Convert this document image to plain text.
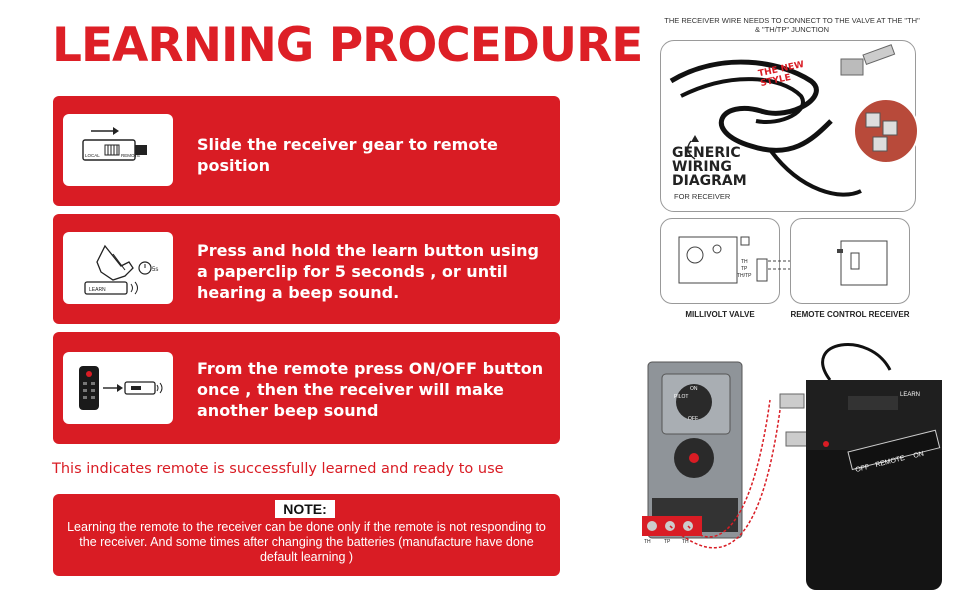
LEARNING PROCEDURE
LOCAL	REMOTE
Slide the receiver gear to remote position
LEARN
5s
Press and hold the learn button using a paperclip for 5 seconds , or until hearing a beep sound.
From the remote press ON/OFF button once , then the receiver will make another beep sound
This indicates remote is successfully learned and ready to use
NOTE:
Learning the remote to the receiver can be done only if the remote is not responding to the receiver. And some times after changing the batteries (manufacture have done default learning )
THE RECEIVER WIRE NEEDS TO CONNECT TO THE VALVE AT THE "TH" & "TH/TP" JUNCTION
THE NEW STYLE
GENERIC WIRING DIAGRAM
FOR RECEIVER
TH
TP
TH/TP
MILLIVOLT VALVE	REMOTE CONTROL RECEIVER
PILOT
ON
OFF
TH	TP TH
LEARN
OFF REMOTE ON
